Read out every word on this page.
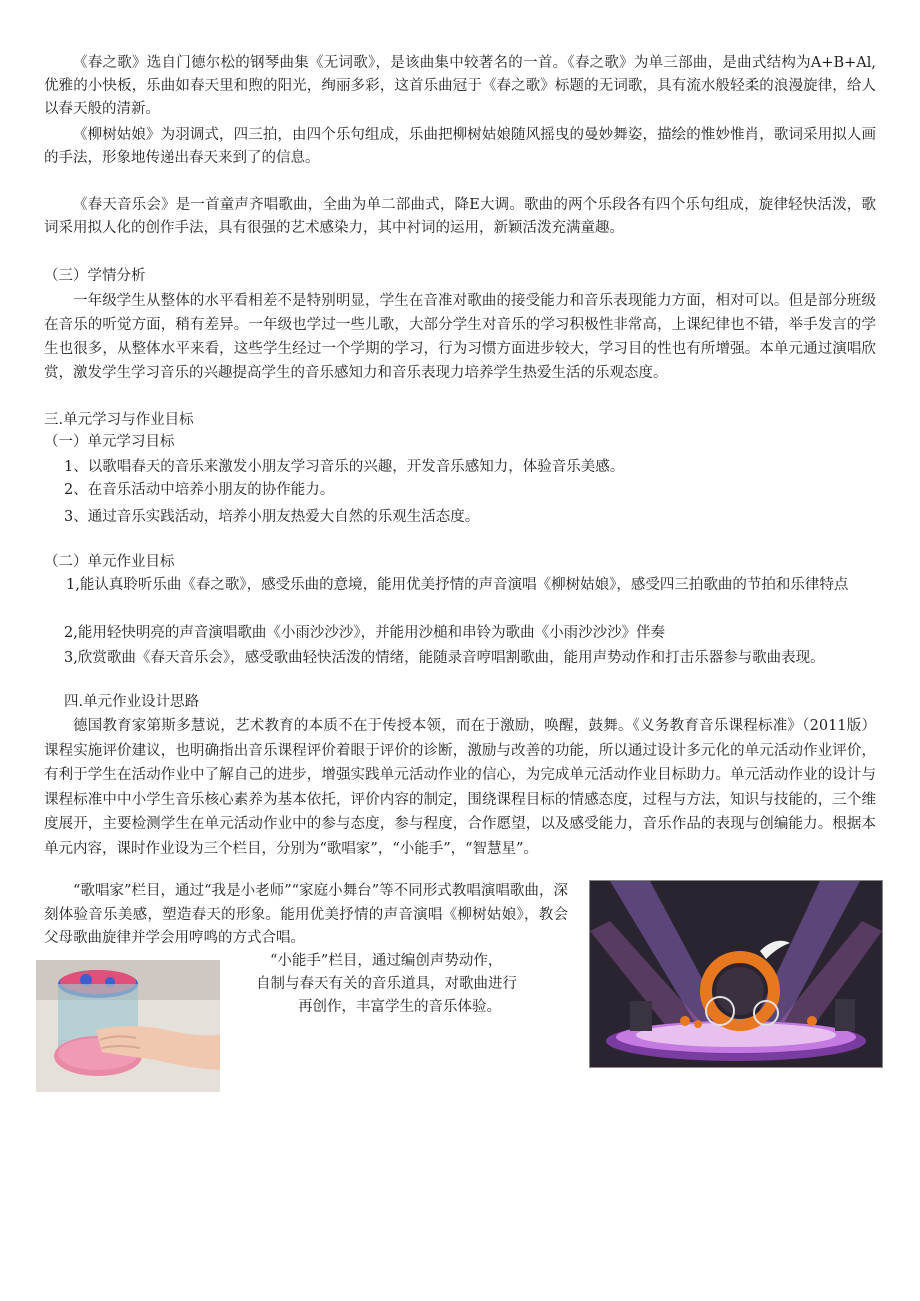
《春之歌》选自门德尔松的钢琴曲集《无词歌》，是该曲集中较著名的一首。《春之歌》为单三部曲，是曲式结构为A+B+Al,优雅的小快板，乐曲如春天里和煦的阳光，绚丽多彩，这首乐曲冠于《春之歌》标题的无词歌，具有流水般轻柔的浪漫旋律，给人以春天般的清新。
《柳树姑娘》为羽调式，四三拍，由四个乐句组成，乐曲把柳树姑娘随风摇曳的曼妙舞姿，描绘的惟妙惟肖，歌词采用拟人画的手法，形象地传递出春天来到了的信息。
《春天音乐会》是一首童声齐唱歌曲，全曲为单二部曲式，降E大调。歌曲的两个乐段各有四个乐句组成，旋律轻快活泼，歌词采用拟人化的创作手法，具有很强的艺术感染力，其中衬词的运用，新颖活泼充满童趣。
（三）学情分析
一年级学生从整体的水平看相差不是特别明显，学生在音准对歌曲的接受能力和音乐表现能力方面，相对可以。但是部分班级在音乐的听觉方面，稍有差异。一年级也学过一些儿歌，大部分学生对音乐的学习积极性非常高，上课纪律也不错，举手发言的学生也很多，从整体水平来看，这些学生经过一个学期的学习，行为习惯方面进步较大，学习目的性也有所增强。本单元通过演唱欣赏，激发学生学习音乐的兴趣提高学生的音乐感知力和音乐表现力培养学生热爱生活的乐观态度。
三.单元学习与作业目标
（一）单元学习目标
1、以歌唱春天的音乐来激发小朋友学习音乐的兴趣，开发音乐感知力，体验音乐美感。
2、在音乐活动中培养小朋友的协作能力。
3、通过音乐实践活动，培养小朋友热爱大自然的乐观生活态度。
（二）单元作业目标
1,能认真聆听乐曲《春之歌》，感受乐曲的意境，能用优美抒情的声音演唱《柳树姑娘》，感受四三拍歌曲的节拍和乐律特点
2,能用轻快明亮的声音演唱歌曲《小雨沙沙沙》，并能用沙槌和串铃为歌曲《小雨沙沙沙》伴奏
3,欣赏歌曲《春天音乐会》，感受歌曲轻快活泼的情绪，能随录音哼唱割歌曲，能用声势动作和打击乐器参与歌曲表现。
四.单元作业设计思路
德国教育家第斯多慧说，艺术教育的本质不在于传授本领，而在于激励，唤醒，鼓舞。《义务教育音乐课程标准》（2011版）课程实施评价建议，也明确指出音乐课程评价着眼于评价的诊断，激励与改善的功能，所以通过设计多元化的单元活动作业评价，有利于学生在活动作业中了解自己的进步，增强实践单元活动作业的信心，为完成单元活动作业目标助力。单元活动作业的设计与课程标准中中小学生音乐核心素养为基本依托，评价内容的制定，围绕课程目标的情感态度，过程与方法，知识与技能的，三个维度展开，主要检测学生在单元活动作业中的参与态度，参与程度，合作愿望，以及感受能力，音乐作品的表现与创编能力。根据本单元内容，课时作业设为三个栏目，分别为“歌唱家”，“小能手”，“智慧星”。
“歌唱家”栏目，通过“我是小老师”“家庭小舞台”等不同形式教唱演唱歌曲，深刻体验音乐美感，塑造春天的形象。能用优美抒情的声音演唱《柳树姑娘》，教会父母歌曲旋律并学会用哼鸣的方式合唱。
“小能手”栏目，通过编创声势动作，
自制与春天有关的音乐道具，对歌曲进行
再创作，丰富学生的音乐体验。
